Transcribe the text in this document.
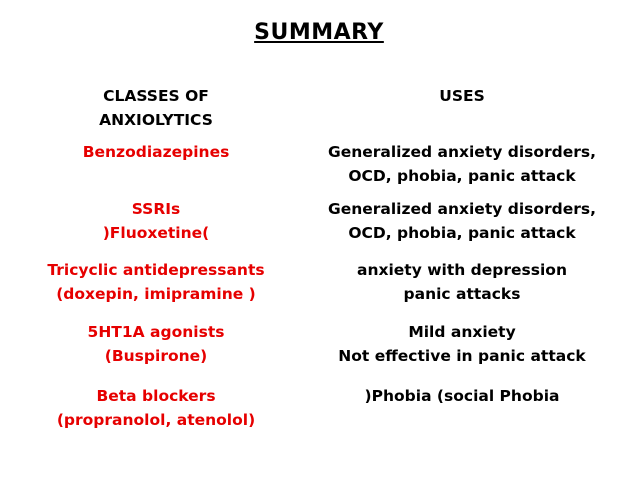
SUMMARY
CLASSES OF
ANXIOLYTICS
USES
Benzodiazepines	Generalized anxiety disorders,
OCD, phobia, panic attack
SSRIs
)Fluoxetine(
Generalized anxiety disorders,
OCD, phobia, panic attack
Tricyclic antidepressants
(doxepin, imipramine )
anxiety with depression
panic attacks
5HT1A agonists
(Buspirone)
Mild anxiety
Not effective in panic attack
Beta blockers
(propranolol, atenolol)
)Phobia (social Phobia
